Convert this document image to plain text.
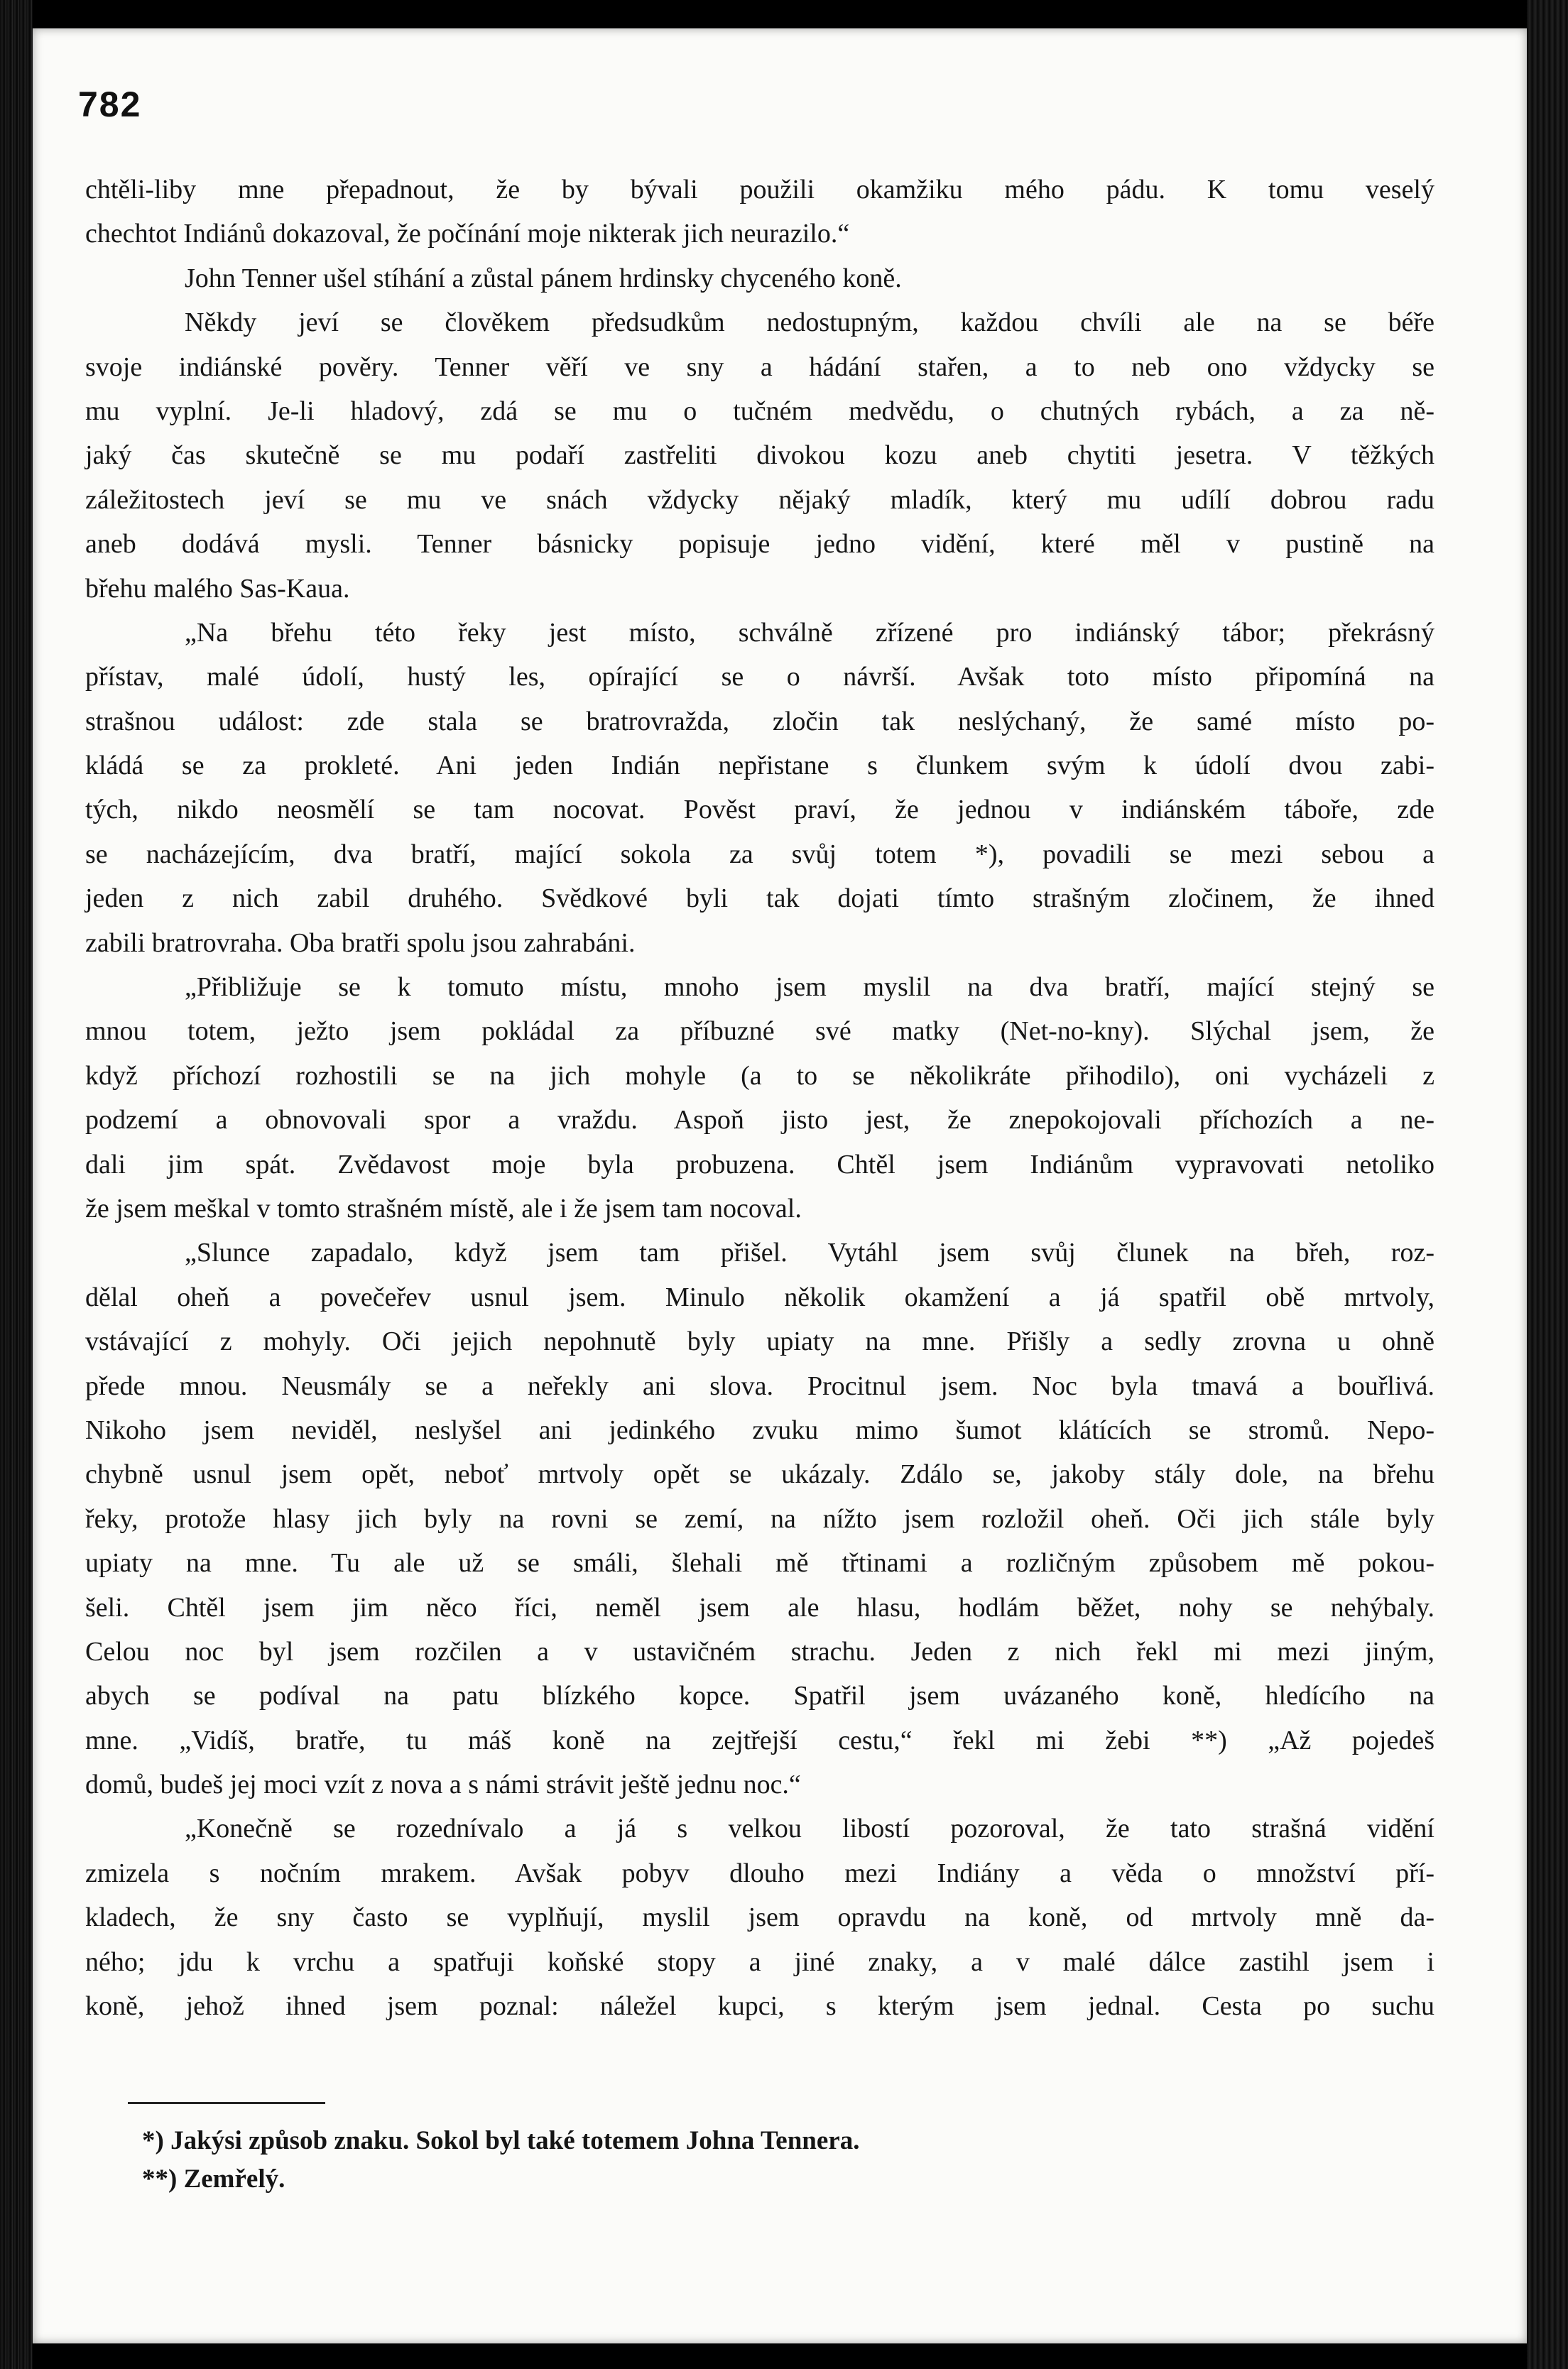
782
chtěli-liby mne přepadnout, že by bývali použili okamžiku mého pádu. K tomu veselý
chechtot Indiánů dokazoval, že počínání moje nikterak jich neurazilo.“
John Tenner ušel stíhání a zůstal pánem hrdinsky chyceného koně.
Někdy jeví se člověkem předsudkům nedostupným, každou chvíli ale na se béře
svoje indiánské pověry. Tenner věří ve sny a hádání stařen, a to neb ono vždycky se
mu vyplní. Je-li hladový, zdá se mu o tučném medvědu, o chutných rybách, a za ně-
jaký čas skutečně se mu podaří zastřeliti divokou kozu aneb chytiti jesetra. V těžkých
záležitostech jeví se mu ve snách vždycky nějaký mladík, který mu udílí dobrou radu
aneb dodává mysli. Tenner básnicky popisuje jedno vidění, které měl v pustině na
břehu malého Sas-Kaua.
„Na břehu této řeky jest místo, schválně zřízené pro indiánský tábor; překrásný
přístav, malé údolí, hustý les, opírající se o návrší. Avšak toto místo připomíná na
strašnou událost: zde stala se bratrovražda, zločin tak neslýchaný, že samé místo po-
kládá se za prokleté. Ani jeden Indián nepřistane s člunkem svým k údolí dvou zabi-
tých, nikdo neosmělí se tam nocovat. Pověst praví, že jednou v indiánském táboře, zde
se nacházejícím, dva bratří, mající sokola za svůj totem *), povadili se mezi sebou a
jeden z nich zabil druhého. Svědkové byli tak dojati tímto strašným zločinem, že ihned
zabili bratrovraha. Oba bratři spolu jsou zahrabáni.
„Přibližuje se k tomuto místu, mnoho jsem myslil na dva bratří, mající stejný se
mnou totem, ježto jsem pokládal za příbuzné své matky (Net-no-kny). Slýchal jsem, že
když příchozí rozhostili se na jich mohyle (a to se několikráte přihodilo), oni vycházeli z
podzemí a obnovovali spor a vraždu. Aspoň jisto jest, že znepokojovali příchozích a ne-
dali jim spát. Zvědavost moje byla probuzena. Chtěl jsem Indiánům vypravovati netoliko
že jsem meškal v tomto strašném místě, ale i že jsem tam nocoval.
„Slunce zapadalo, když jsem tam přišel. Vytáhl jsem svůj člunek na břeh, roz-
dělal oheň a povečeřev usnul jsem. Minulo několik okamžení a já spatřil obě mrtvoly,
vstávající z mohyly. Oči jejich nepohnutě byly upiaty na mne. Přišly a sedly zrovna u ohně
přede mnou. Neusmály se a neřekly ani slova. Procitnul jsem. Noc byla tmavá a bouřlivá.
Nikoho jsem neviděl, neslyšel ani jedinkého zvuku mimo šumot klátících se stromů. Nepo-
chybně usnul jsem opět, neboť mrtvoly opět se ukázaly. Zdálo se, jakoby stály dole, na břehu
řeky, protože hlasy jich byly na rovni se zemí, na nížto jsem rozložil oheň. Oči jich stále byly
upiaty na mne. Tu ale už se smáli, šlehali mě třtinami a rozličným způsobem mě pokou-
šeli. Chtěl jsem jim něco říci, neměl jsem ale hlasu, hodlám běžet, nohy se nehýbaly.
Celou noc byl jsem rozčilen a v ustavičném strachu. Jeden z nich řekl mi mezi jiným,
abych se podíval na patu blízkého kopce. Spatřil jsem uvázaného koně, hledícího na
mne. „Vidíš, bratře, tu máš koně na zejtřejší cestu,“ řekl mi žebi **) „Až pojedeš
domů, budeš jej moci vzít z nova a s námi strávit ještě jednu noc.“
„Konečně se rozednívalo a já s velkou libostí pozoroval, že tato strašná vidění
zmizela s nočním mrakem. Avšak pobyv dlouho mezi Indiány a věda o množství pří-
kladech, že sny často se vyplňují, myslil jsem opravdu na koně, od mrtvoly mně da-
ného; jdu k vrchu a spatřuji koňské stopy a jiné znaky, a v malé dálce zastihl jsem i
koně, jehož ihned jsem poznal: náležel kupci, s kterým jsem jednal. Cesta po suchu
*) Jakýsi způsob znaku. Sokol byl také totemem Johna Tennera.
**) Zemřelý.
